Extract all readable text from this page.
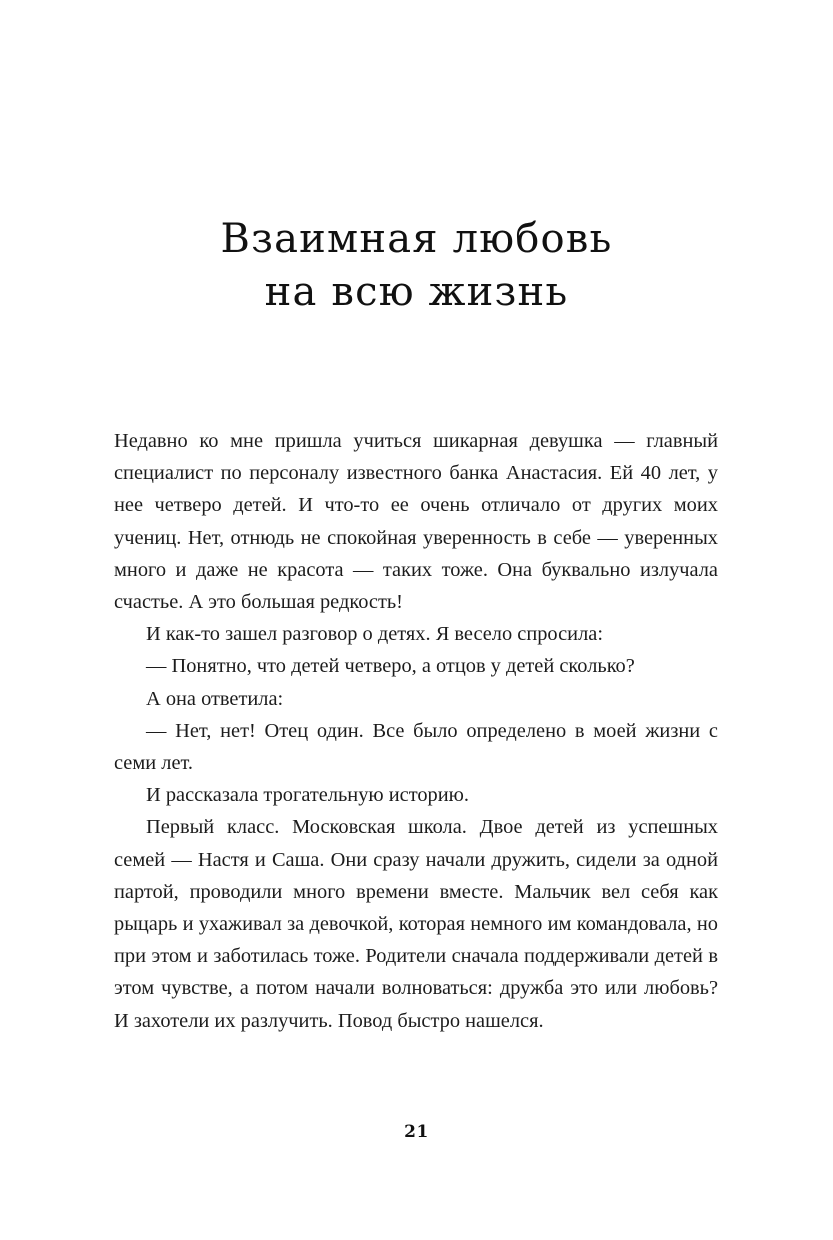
Взаимная любовь
на всю жизнь

Недавно ко мне пришла учиться шикарная девушка — главный специалист по персоналу известного банка Анастасия. Ей 40 лет, у нее четверо детей. И что-то ее очень отличало от других моих учениц. Нет, отнюдь не спокойная уверенность в себе — уверенных много и даже не красота — таких тоже. Она буквально излучала счастье. А это большая редкость!

И как-то зашел разговор о детях. Я весело спросила:

— Понятно, что детей четверо, а отцов у детей сколько?

А она ответила:

— Нет, нет! Отец один. Все было определено в моей жизни с семи лет.

И рассказала трогательную историю.

Первый класс. Московская школа. Двое детей из успешных семей — Настя и Саша. Они сразу начали дружить, сидели за одной партой, проводили много времени вместе. Мальчик вел себя как рыцарь и ухаживал за девочкой, которая немного им командовала, но при этом и заботилась тоже. Родители сначала поддерживали детей в этом чувстве, а потом начали волноваться: дружба это или любовь? И захотели их разлучить. Повод быстро нашелся.

21
